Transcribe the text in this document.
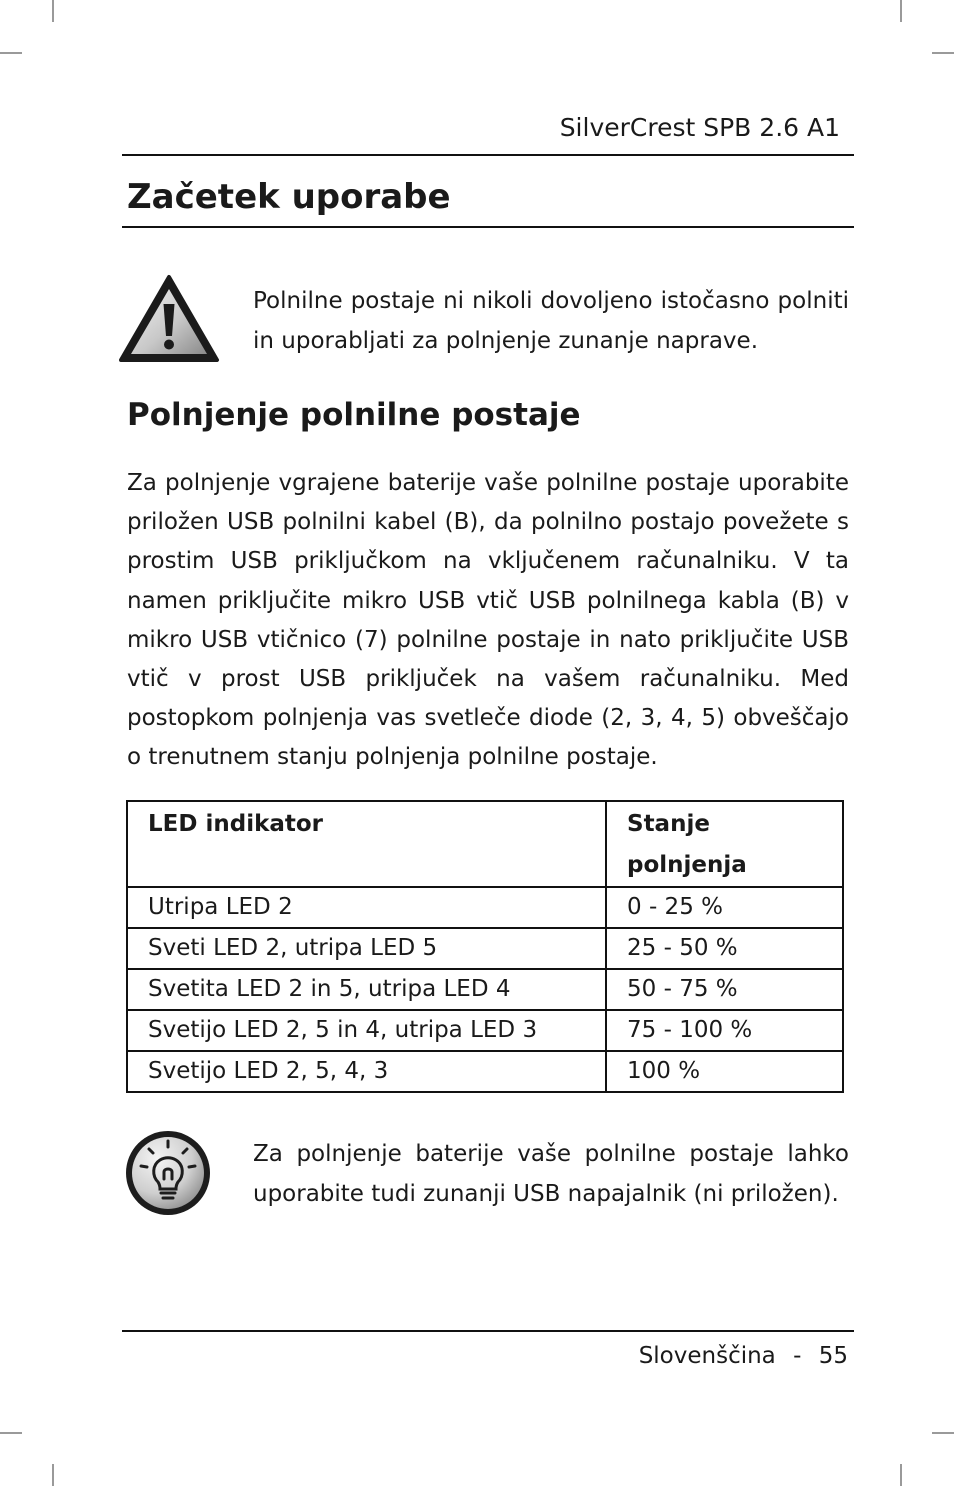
SilverCrest SPB 2.6 A1
Začetek uporabe

Polnilne postaje ni nikoli dovoljeno istočasno polniti in uporabljati za polnjenje zunanje naprave.

Polnjenje polnilne postaje

Za polnjenje vgrajene baterije vaše polnilne postaje uporabite priložen USB polnilni kabel (B), da polnilno postajo povežete s prostim USB priključkom na vključenem računalniku. V ta namen priključite mikro USB vtič USB polnilnega kabla (B) v mikro USB vtičnico (7) polnilne postaje in nato priključite USB vtič v prost USB priključek na vašem računalniku. Med postopkom polnjenja vas svetleče diode (2, 3, 4, 5) obveščajo o trenutnem stanju polnjenja polnilne postaje.

LED indikator	Stanje polnjenja
Utripa LED 2	0 - 25 %
Sveti LED 2, utripa LED 5	25 - 50 %
Svetita LED 2 in 5, utripa LED 4	50 - 75 %
Svetijo LED 2, 5 in 4, utripa LED 3	75 - 100 %
Svetijo LED 2, 5, 4, 3	100 %

Za polnjenje baterije vaše polnilne postaje lahko uporabite tudi zunanji USB napajalnik (ni priložen).

Slovenščina - 55
